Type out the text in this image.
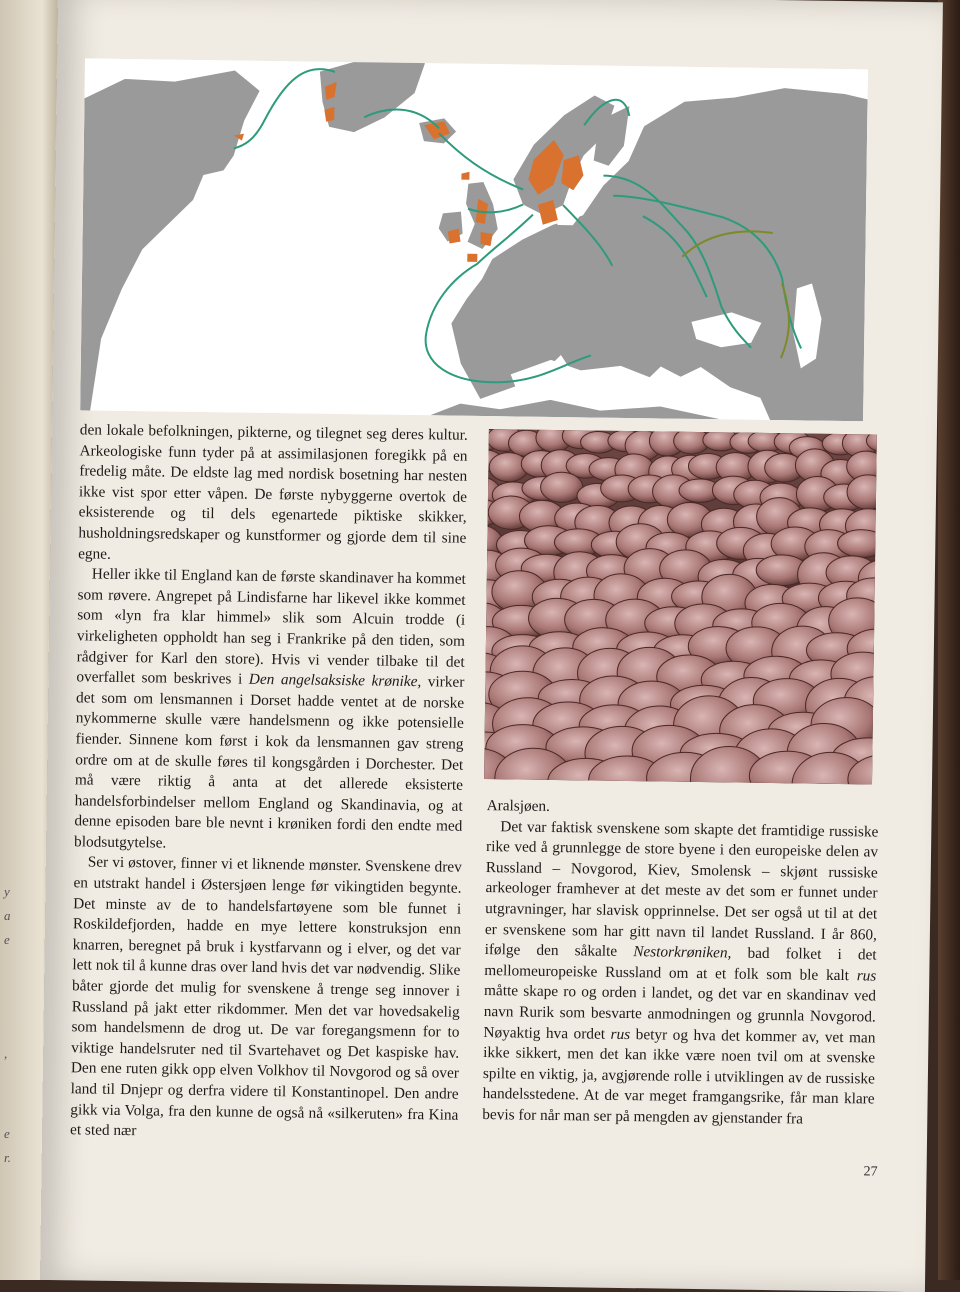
y
a
e
,
e
r.

den lokale befolkningen, pikterne, og tilegnet seg deres kultur. Arkeologiske funn tyder på at assimilasjonen foregikk på en fredelig måte. De eldste lag med nordisk bosetning har nesten ikke vist spor etter våpen. De første nybyggerne overtok de eksisterende og til dels egenartede piktiske skikker, husholdningsredskaper og kunstformer og gjorde dem til sine egne.

Heller ikke til England kan de første skandinaver ha kommet som røvere. Angrepet på Lindisfarne har likevel ikke kommet som «lyn fra klar himmel» slik som Alcuin trodde (i virkeligheten oppholdt han seg i Frankrike på den tiden, som rådgiver for Karl den store). Hvis vi vender tilbake til det overfallet som beskrives i Den angelsaksiske krønike, virker det som om lensmannen i Dorset hadde ventet at de norske nykommerne skulle være handelsmenn og ikke potensielle fiender. Sinnene kom først i kok da lensmannen gav streng ordre om at de skulle føres til kongsgården i Dorchester. Det må være riktig å anta at det allerede eksisterte handelsforbindelser mellom England og Skandinavia, og at denne episoden bare ble nevnt i krøniken fordi den endte med blodsutgytelse.

Ser vi østover, finner vi et liknende mønster. Svenskene drev en utstrakt handel i Østersjøen lenge før vikingtiden begynte. Det minste av de to handelsfartøyene som ble funnet i Roskildefjorden, hadde en mye lettere konstruksjon enn knarren, beregnet på bruk i kystfarvann og i elver, og det var lett nok til å kunne dras over land hvis det var nødvendig. Slike båter gjorde det mulig for svenskene å trenge seg innover i Russland på jakt etter rikdommer. Men det var hovedsakelig som handelsmenn de drog ut. De var foregangsmenn for to viktige handelsruter ned til Svartehavet og Det kaspiske hav. Den ene ruten gikk opp elven Volkhov til Novgorod og så over land til Dnjepr og derfra videre til Konstantinopel. Den andre gikk via Volga, fra den kunne de også nå «silkeruten» fra Kina et sted nær

Aralsjøen.

Det var faktisk svenskene som skapte det framtidige russiske rike ved å grunnlegge de store byene i den europeiske delen av Russland – Novgorod, Kiev, Smolensk – skjønt russiske arkeologer framhever at det meste av det som er funnet under utgravninger, har slavisk opprinnelse. Det ser også ut til at det er svenskene som har gitt navn til landet Russland. I år 860, ifølge den såkalte Nestorkrøniken, bad folket i det mellomeuropeiske Russland om at et folk som ble kalt rus måtte skape ro og orden i landet, og det var en skandinav ved navn Rurik som besvarte anmodningen og grunnla Novgorod. Nøyaktig hva ordet rus betyr og hva det kommer av, vet man ikke sikkert, men det kan ikke være noen tvil om at svenske spilte en viktig, ja, avgjørende rolle i utviklingen av de russiske handelsstedene. At de var meget framgangsrike, får man klare bevis for når man ser på mengden av gjenstander fra

27
